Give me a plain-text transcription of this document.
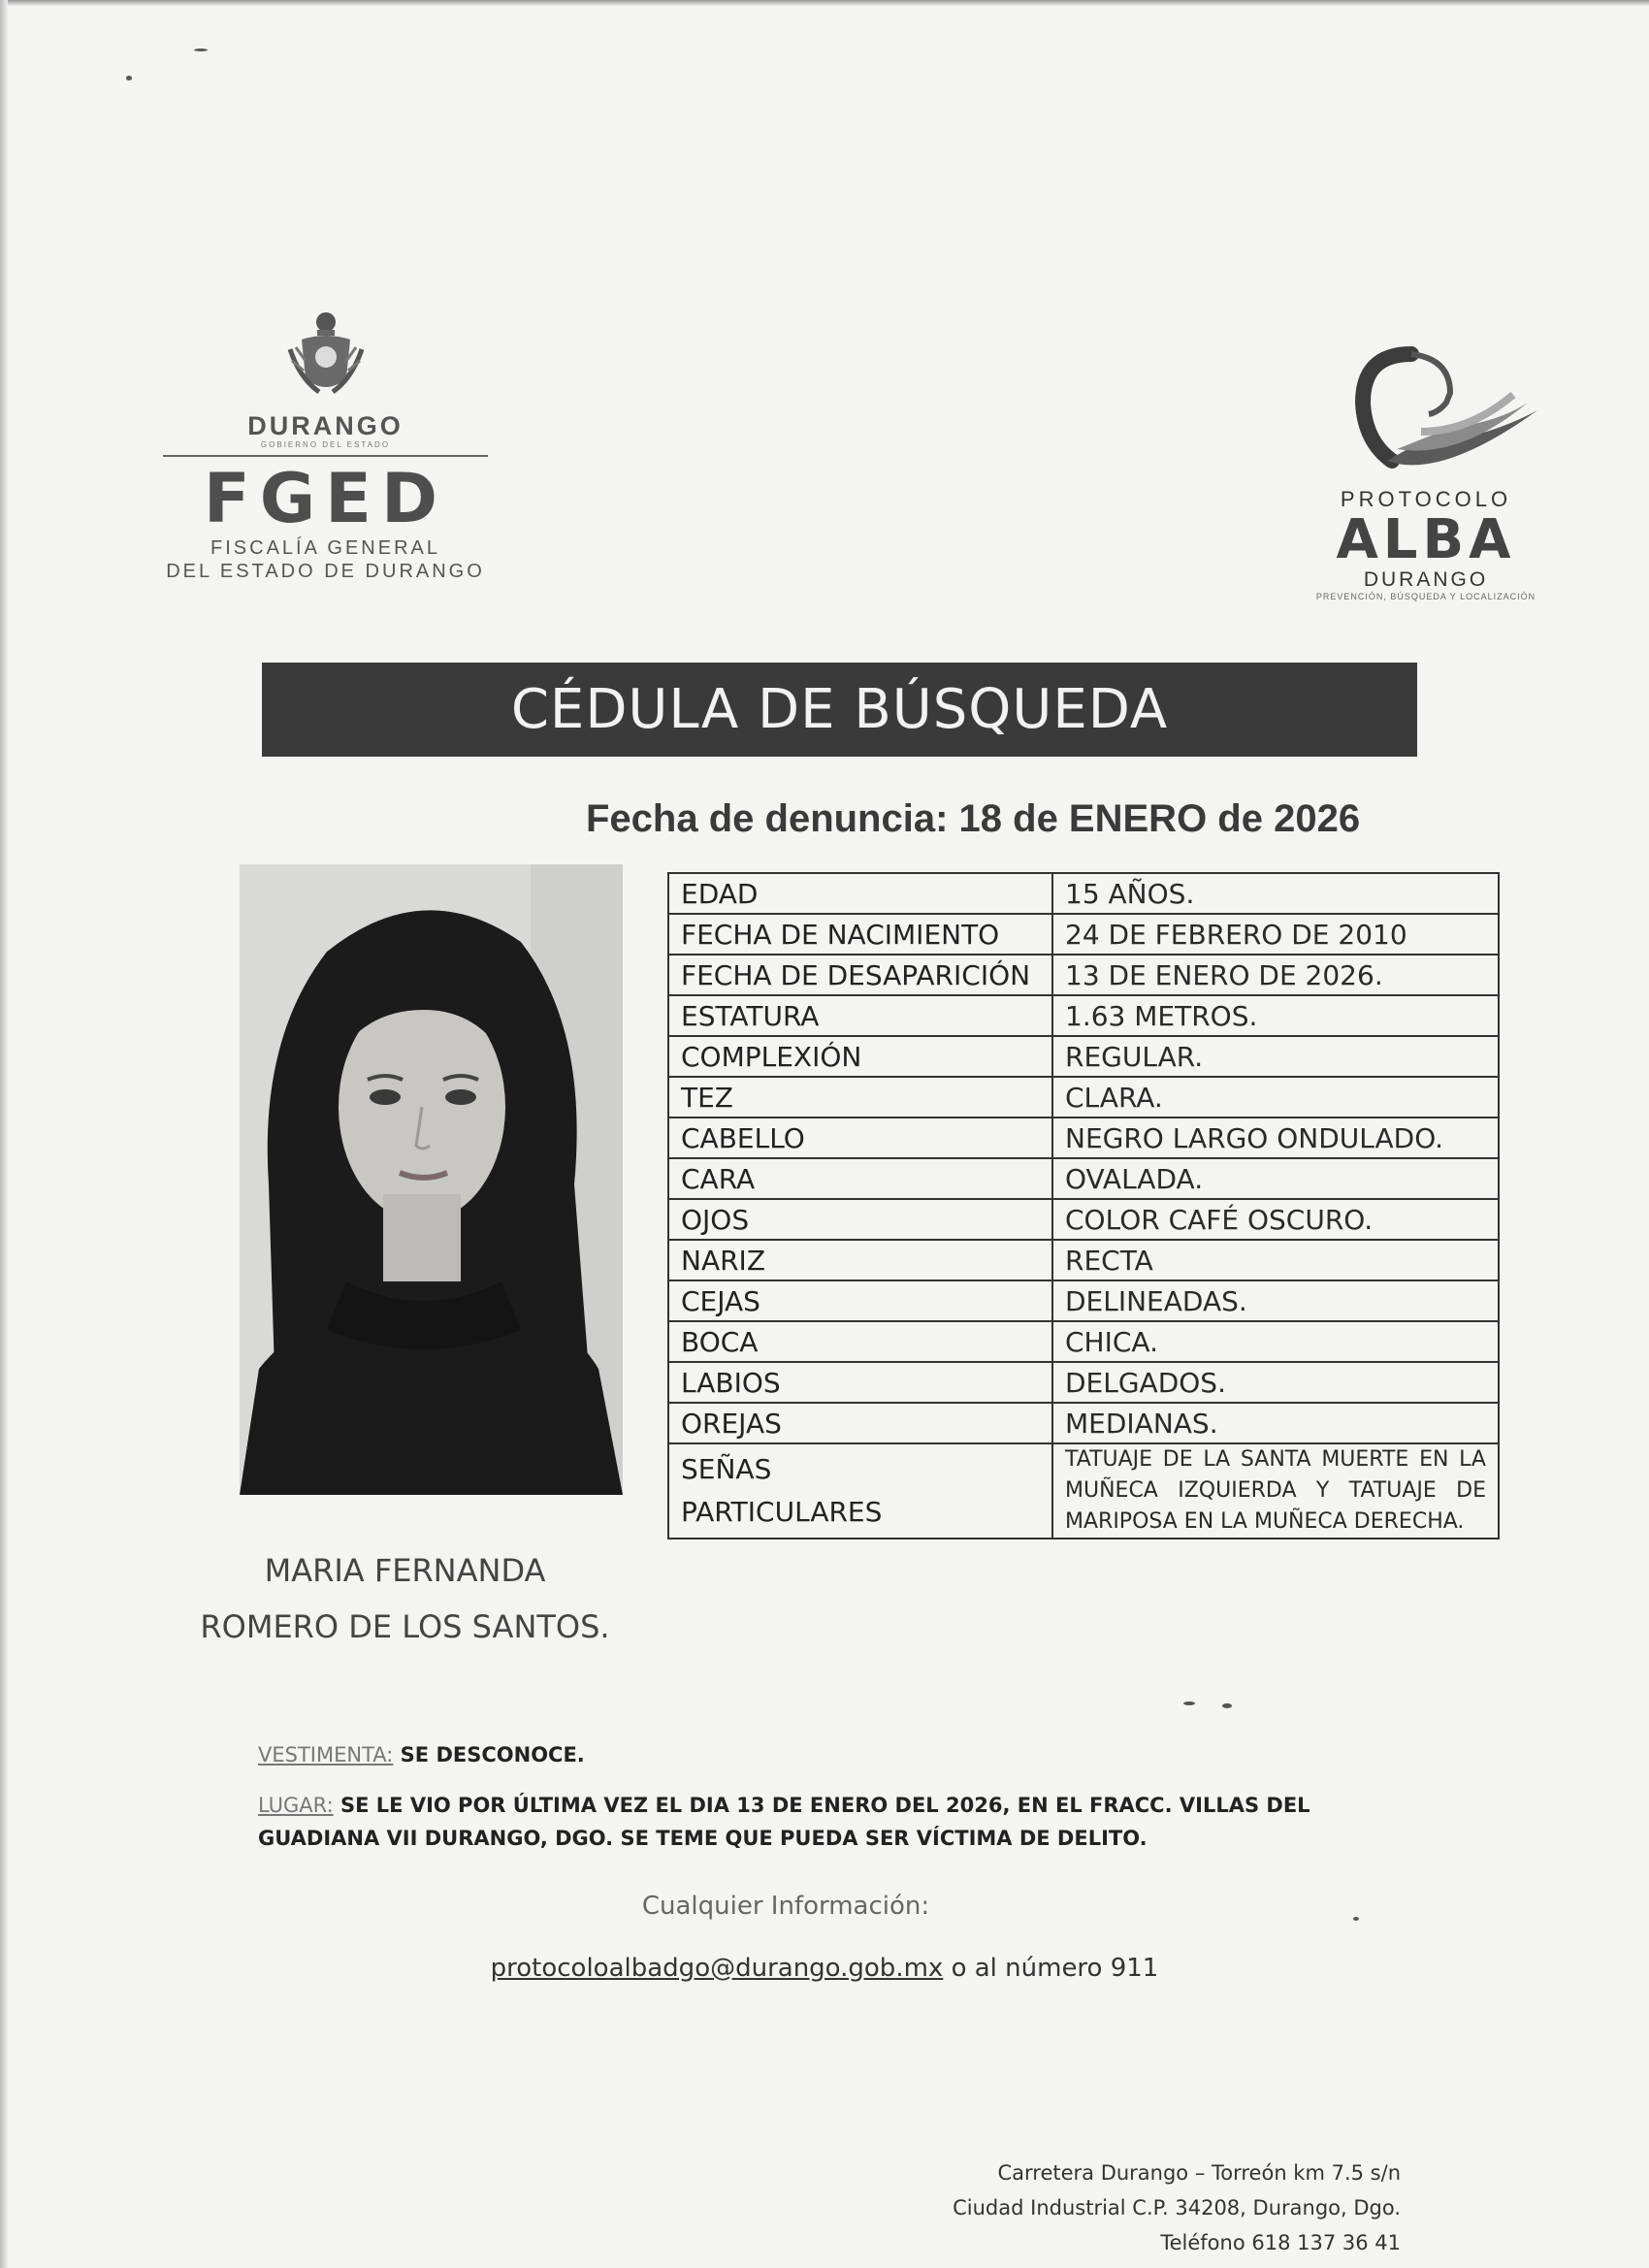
DURANGO
GOBIERNO DEL ESTADO
FGED
FISCALÍA GENERAL
DEL ESTADO DE DURANGO
PROTOCOLO
ALBA
DURANGO
PREVENCIÓN, BÚSQUEDA Y LOCALIZACIÓN
CÉDULA DE BÚSQUEDA
Fecha de denuncia: 18 de ENERO de 2026
EDAD	15 AÑOS.
FECHA DE NACIMIENTO	24 DE FEBRERO DE 2010
FECHA DE DESAPARICIÓN	13 DE ENERO DE 2026.
ESTATURA	1.63 METROS.
COMPLEXIÓN	REGULAR.
TEZ	CLARA.
CABELLO	NEGRO LARGO ONDULADO.
CARA	OVALADA.
OJOS	COLOR CAFÉ OSCURO.
NARIZ	RECTA
CEJAS	DELINEADAS.
BOCA	CHICA.
LABIOS	DELGADOS.
OREJAS	MEDIANAS.

SEÑAS
PARTICULARES	TATUAJE DE LA SANTA MUERTE EN LA MUÑECA IZQUIERDA Y TATUAJE DE MARIPOSA EN LA MUÑECA DERECHA.
MARIA FERNANDA
ROMERO DE LOS SANTOS.
VESTIMENTA: SE DESCONOCE.
LUGAR: SE LE VIO POR ÚLTIMA VEZ EL DIA 13 DE ENERO DEL 2026, EN EL FRACC. VILLAS DEL GUADIANA VII DURANGO, DGO. SE TEME QUE PUEDA SER VÍCTIMA DE DELITO.
Cualquier Información:
protocoloalbadgo@durango.gob.mx o al número 911
Carretera Durango – Torreón km 7.5 s/n
Ciudad Industrial C.P. 34208, Durango, Dgo.
Teléfono 618 137 36 41
